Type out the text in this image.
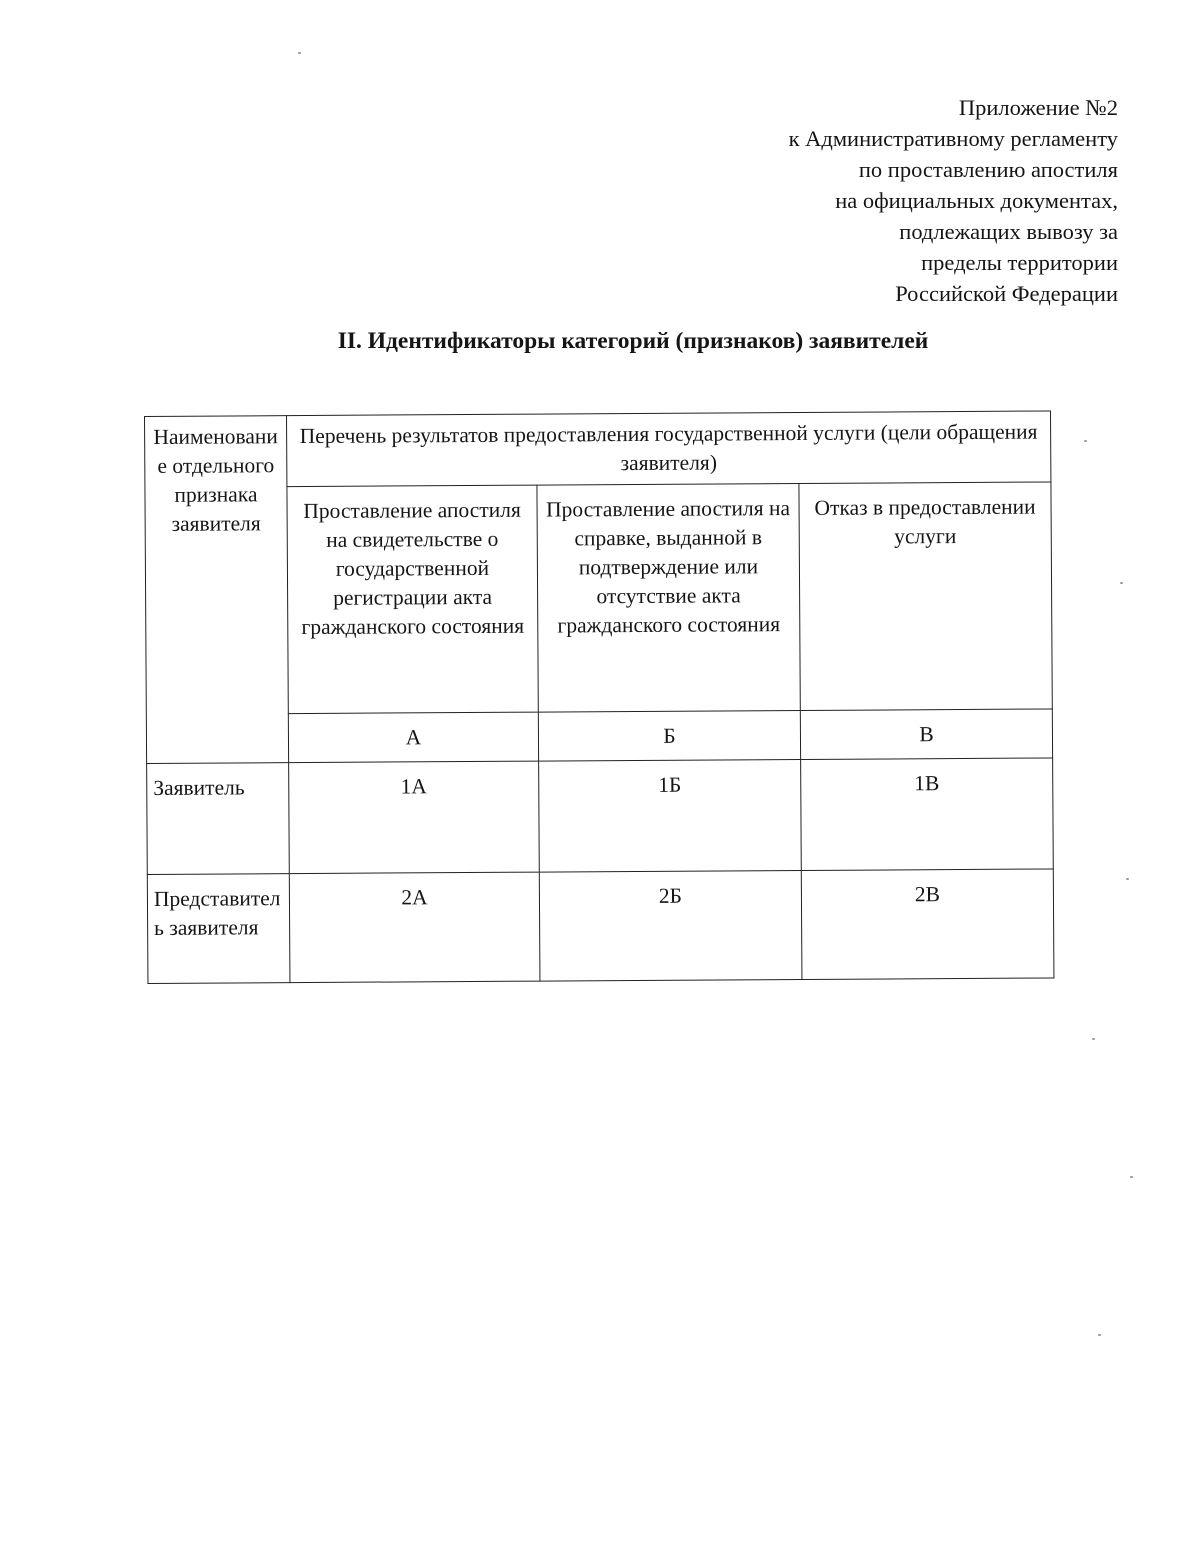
Приложение №2
к Административному регламенту
по проставлению апостиля
на официальных документах,
подлежащих вывозу за
пределы территории
Российской Федерации
II. Идентификаторы категорий (признаков) заявителей
Наименование отдельного признака заявителя	Перечень результатов предоставления государственной услуги (цели обращения заявителя)		
	Проставление апостиля на свидетельстве о государственной регистрации акта гражданского состояния	Проставление апостиля на справке, выданной в подтверждение или отсутствие акта гражданского состояния	Отказ в предоставлении услуги
	А	Б	В
Заявитель	1А	1Б	1В
Представитель заявителя	2А	2Б	2В
